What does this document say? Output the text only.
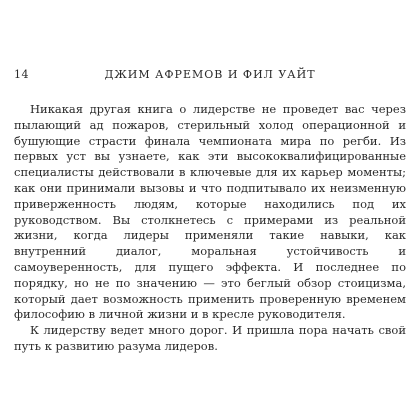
14	ДЖИМ АФРЕМОВ И ФИЛ УАЙТ

Никакая другая книга о лидерстве не проведет вас через пылающий ад пожаров, стерильный холод операционной и бушующие страсти финала чемпионата мира по регби. Из первых уст вы узнаете, как эти высококвалифицированные специалисты действовали в ключевые для их карьер моменты; как они принимали вызовы и что подпитывало их неизменную приверженность людям, которые находились под их руководством. Вы столкнетесь с примерами из реальной жизни, когда лидеры применяли такие навыки, как внутренний диалог, моральная устойчивость и самоуверенность, для пущего эффекта. И последнее по порядку, но не по значению — это беглый обзор стоицизма, который дает возможность применить проверенную временем философию в личной жизни и в кресле руководителя.

К лидерству ведет много дорог. И пришла пора начать свой путь к развитию разума лидеров.
